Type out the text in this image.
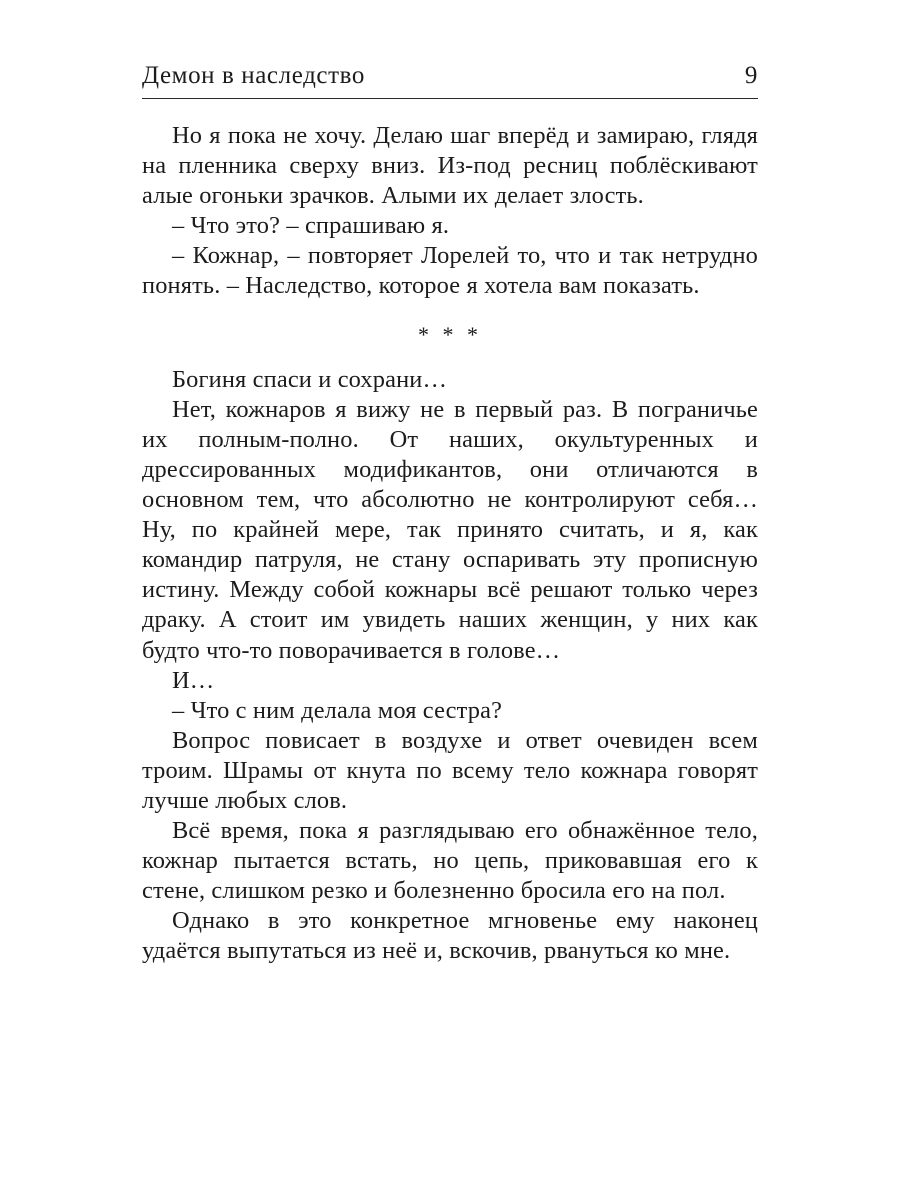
Демон в наследство	9

Но я пока не хочу. Делаю шаг вперёд и замираю, глядя на пленника сверху вниз. Из-под ресниц поблёскивают алые огоньки зрачков. Алыми их делает злость.

– Что это? – спрашиваю я.

– Кожнар, – повторяет Лорелей то, что и так нетрудно понять. – Наследство, которое я хотела вам показать.

* * *

Богиня спаси и сохрани…

Нет, кожнаров я вижу не в первый раз. В пограничье их полным-полно. От наших, окультуренных и дрессированных модификантов, они отличаются в основном тем, что абсолютно не контролируют себя… Ну, по крайней мере, так принято считать, и я, как командир патруля, не стану оспаривать эту прописную истину. Между собой кожнары всё решают только через драку. А стоит им увидеть наших женщин, у них как будто что-то поворачивается в голове…

И…

– Что с ним делала моя сестра?

Вопрос повисает в воздухе и ответ очевиден всем троим. Шрамы от кнута по всему тело кожнара говорят лучше любых слов.

Всё время, пока я разглядываю его обнажённое тело, кожнар пытается встать, но цепь, приковавшая его к стене, слишком резко и болезненно бросила его на пол.

Однако в это конкретное мгновенье ему наконец удаётся выпутаться из неё и, вскочив, рвануться ко мне.
